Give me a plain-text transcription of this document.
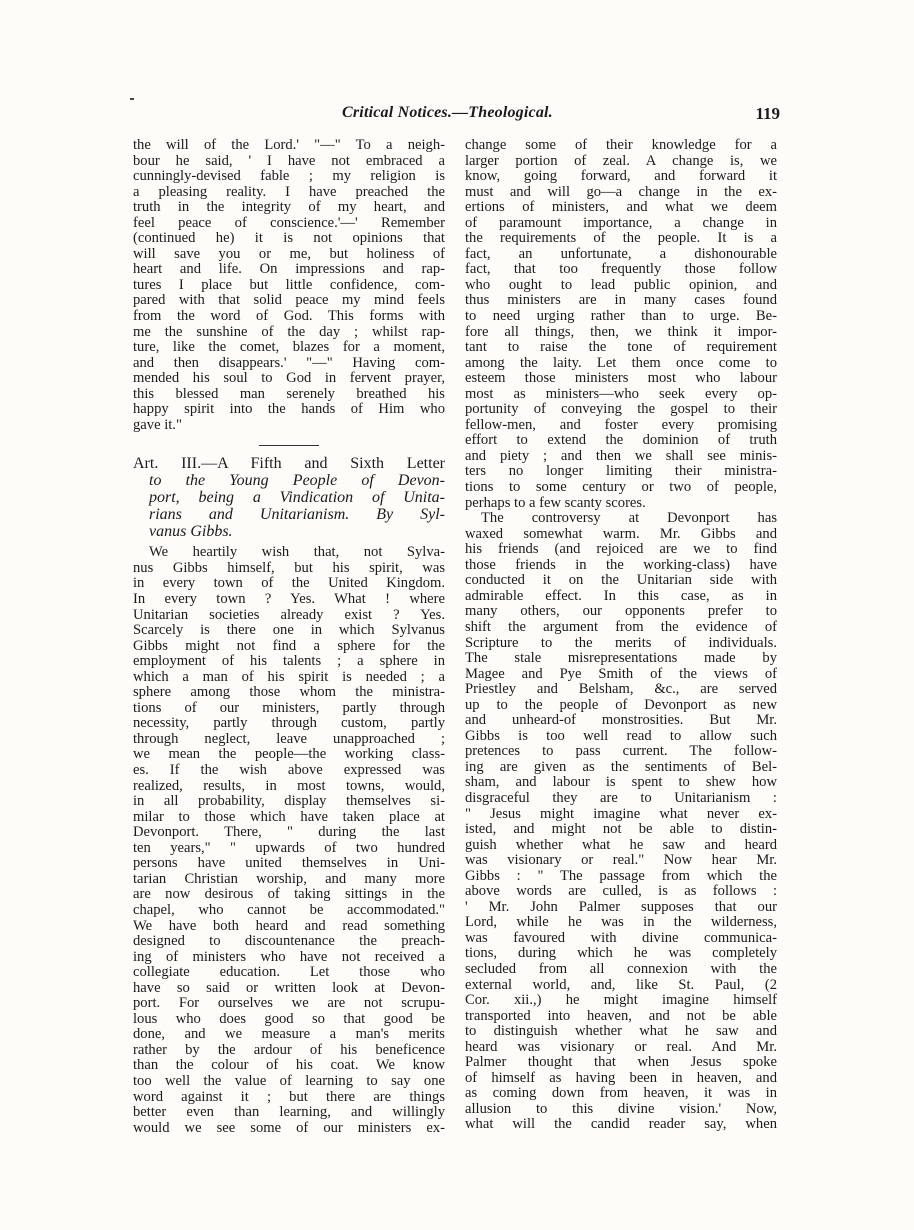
Critical Notices.—Theological.	119
the will of the Lord.' "—" To a neigh-
bour he said, ' I have not embraced a
cunningly-devised fable ; my religion is
a pleasing reality. I have preached the
truth in the integrity of my heart, and
feel peace of conscience.'—' Remember
(continued he) it is not opinions that
will save you or me, but holiness of
heart and life. On impressions and rap-
tures I place but little confidence, com-
pared with that solid peace my mind feels
from the word of God. This forms with
me the sunshine of the day ; whilst rap-
ture, like the comet, blazes for a moment,
and then disappears.' "—" Having com-
mended his soul to God in fervent prayer,
this blessed man serenely breathed his
happy spirit into the hands of Him who
gave it."
Art. III.—A Fifth and Sixth Letter
to the Young People of Devon-
port, being a Vindication of Unita-
rians and Unitarianism. By Syl-
vanus Gibbs.
We heartily wish that, not Sylva-
nus Gibbs himself, but his spirit, was
in every town of the United Kingdom.
In every town ? Yes. What ! where
Unitarian societies already exist ? Yes.
Scarcely is there one in which Sylvanus
Gibbs might not find a sphere for the
employment of his talents ; a sphere in
which a man of his spirit is needed ; a
sphere among those whom the ministra-
tions of our ministers, partly through
necessity, partly through custom, partly
through neglect, leave unapproached ;
we mean the people—the working class-
es. If the wish above expressed was
realized, results, in most towns, would,
in all probability, display themselves si-
milar to those which have taken place at
Devonport. There, " during the last
ten years," " upwards of two hundred
persons have united themselves in Uni-
tarian Christian worship, and many more
are now desirous of taking sittings in the
chapel, who cannot be accommodated."
We have both heard and read something
designed to discountenance the preach-
ing of ministers who have not received a
collegiate education. Let those who
have so said or written look at Devon-
port. For ourselves we are not scrupu-
lous who does good so that good be
done, and we measure a man's merits
rather by the ardour of his beneficence
than the colour of his coat. We know
too well the value of learning to say one
word against it ; but there are things
better even than learning, and willingly
would we see some of our ministers ex-
change some of their knowledge for a
larger portion of zeal. A change is, we
know, going forward, and forward it
must and will go—a change in the ex-
ertions of ministers, and what we deem
of paramount importance, a change in
the requirements of the people. It is a
fact, an unfortunate, a dishonourable
fact, that too frequently those follow
who ought to lead public opinion, and
thus ministers are in many cases found
to need urging rather than to urge. Be-
fore all things, then, we think it impor-
tant to raise the tone of requirement
among the laity. Let them once come to
esteem those ministers most who labour
most as ministers—who seek every op-
portunity of conveying the gospel to their
fellow-men, and foster every promising
effort to extend the dominion of truth
and piety ; and then we shall see minis-
ters no longer limiting their ministra-
tions to some century or two of people,
perhaps to a few scanty scores.
The controversy at Devonport has
waxed somewhat warm. Mr. Gibbs and
his friends (and rejoiced are we to find
those friends in the working-class) have
conducted it on the Unitarian side with
admirable effect. In this case, as in
many others, our opponents prefer to
shift the argument from the evidence of
Scripture to the merits of individuals.
The stale misrepresentations made by
Magee and Pye Smith of the views of
Priestley and Belsham, &c., are served
up to the people of Devonport as new
and unheard-of monstrosities. But Mr.
Gibbs is too well read to allow such
pretences to pass current. The follow-
ing are given as the sentiments of Bel-
sham, and labour is spent to shew how
disgraceful they are to Unitarianism :
" Jesus might imagine what never ex-
isted, and might not be able to distin-
guish whether what he saw and heard
was visionary or real." Now hear Mr.
Gibbs : " The passage from which the
above words are culled, is as follows :
' Mr. John Palmer supposes that our
Lord, while he was in the wilderness,
was favoured with divine communica-
tions, during which he was completely
secluded from all connexion with the
external world, and, like St. Paul, (2
Cor. xii.,) he might imagine himself
transported into heaven, and not be able
to distinguish whether what he saw and
heard was visionary or real. And Mr.
Palmer thought that when Jesus spoke
of himself as having been in heaven, and
as coming down from heaven, it was in
allusion to this divine vision.' Now,
what will the candid reader say, when
